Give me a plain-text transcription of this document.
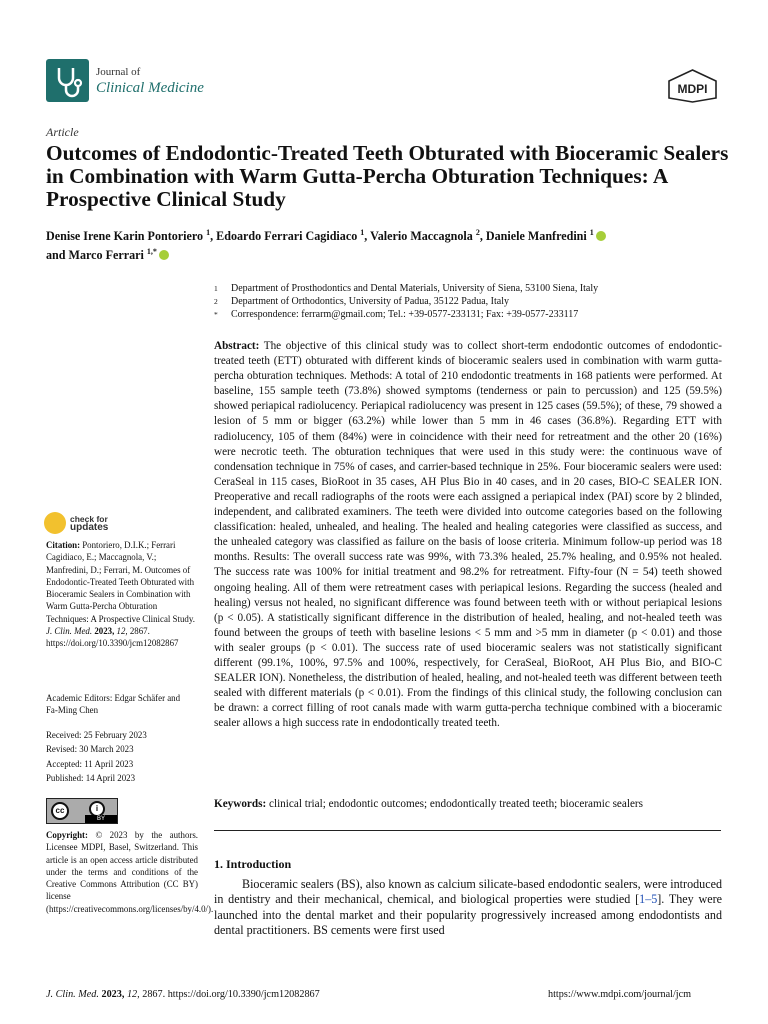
Journal of
Clinical Medicine	MDPI
Article
Outcomes of Endodontic-Treated Teeth Obturated with Bioceramic Sealers in Combination with Warm Gutta-Percha Obturation Techniques: A Prospective Clinical Study
Denise Irene Karin Pontoriero $^1$, Edoardo Ferrari Cagidiaco $^1$, Valerio Maccagnola $^2$, Daniele Manfredini $^1$
and Marco Ferrari $^{1,*}$
1	Department of Prosthodontics and Dental Materials, University of Siena, 53100 Siena, Italy
2	Department of Orthodontics, University of Padua, 35122 Padua, Italy
*	Correspondence: ferrarm@gmail.com; Tel.: +39-0577-233131; Fax: +39-0577-233117
Abstract: The objective of this clinical study was to collect short-term endodontic outcomes of endodontic-treated teeth (ETT) obturated with different kinds of bioceramic sealers used in combination with warm gutta-percha obturation techniques. Methods: A total of 210 endodontic treatments in 168 patients were performed. At baseline, 155 sample teeth (73.8%) showed symptoms (tenderness or pain to percussion) and 125 (59.5%) showed periapical radiolucency. Periapical radiolucency was present in 125 cases (59.5%); of these, 79 showed a lesion of 5 mm or bigger (63.2%) while lower than 5 mm in 46 cases (36.8%). Regarding ETT with radiolucency, 105 of them (84%) were in coincidence with their need for retreatment and the other 20 (16%) were necrotic teeth. The obturation techniques that were used in this study were: the continuous wave of condensation technique in 75% of cases, and carrier-based technique in 25%. Four bioceramic sealers were used: CeraSeal in 115 cases, BioRoot in 35 cases, AH Plus Bio in 40 cases, and in 20 cases, BIO-C SEALER ION. Preoperative and recall radiographs of the roots were each assigned a periapical index (PAI) score by 2 blinded, independent, and calibrated examiners. The teeth were divided into outcome categories based on the following classification: healed, unhealed, and healing. The healed and healing categories were classified as success, and the unhealed category was classified as failure on the basis of loose criteria. Minimum follow-up period was 18 months. Results: The overall success rate was 99%, with 73.3% healed, 25.7% healing, and 0.95% not healed. The success rate was 100% for initial treatment and 98.2% for retreatment. Fifty-four (N = 54) teeth showed ongoing healing. All of them were retreatment cases with periapical lesions. Regarding the success (healed and healing) versus not healed, no significant difference was found between teeth with or without periapical lesions (p < 0.05). A statistically significant difference in the distribution of healed, healing, and not-healed teeth was found between the groups of teeth with baseline lesions < 5 mm and >5 mm in diameter (p < 0.01) and those with sealer groups (p < 0.01). The success rate of used bioceramic sealers was not statistically significant different (99.1%, 100%, 97.5% and 100%, respectively, for CeraSeal, BioRoot, AH Plus Bio, and BIO-C SEALER ION). Nonetheless, the distribution of healed, healing, and not-healed teeth was different between teeth sealed with different materials (p < 0.01). From the findings of this clinical study, the following conclusion can be drawn: a correct filling of root canals made with warm gutta-percha technique combined with a bioceramic sealer allows a high success rate in endodontically treated teeth.
Keywords: clinical trial; endodontic outcomes; endodontically treated teeth; bioceramic sealers
1. Introduction
Bioceramic sealers (BS), also known as calcium silicate-based endodontic sealers, were introduced in dentistry and their mechanical, chemical, and biological properties were studied [1–5]. They were launched into the dental market and their popularity progressively increased among endodontists and dental practitioners. BS cements were first used
check for
updates
Citation: Pontoriero, D.I.K.; Ferrari Cagidiaco, E.; Maccagnola, V.; Manfredini, D.; Ferrari, M. Outcomes of Endodontic-Treated Teeth Obturated with Bioceramic Sealers in Combination with Warm Gutta-Percha Obturation Techniques: A Prospective Clinical Study. J. Clin. Med. 2023, 12, 2867. https://doi.org/10.3390/jcm12082867
Academic Editors: Edgar Schäfer and Fa-Ming Chen
Received: 25 February 2023
Revised: 30 March 2023
Accepted: 11 April 2023
Published: 14 April 2023
cc	i
BY
Copyright: © 2023 by the authors. Licensee MDPI, Basel, Switzerland. This article is an open access article distributed under the terms and conditions of the Creative Commons Attribution (CC BY) license (https://creativecommons.org/licenses/by/4.0/).
J. Clin. Med. 2023, 12, 2867. https://doi.org/10.3390/jcm12082867	https://www.mdpi.com/journal/jcm
